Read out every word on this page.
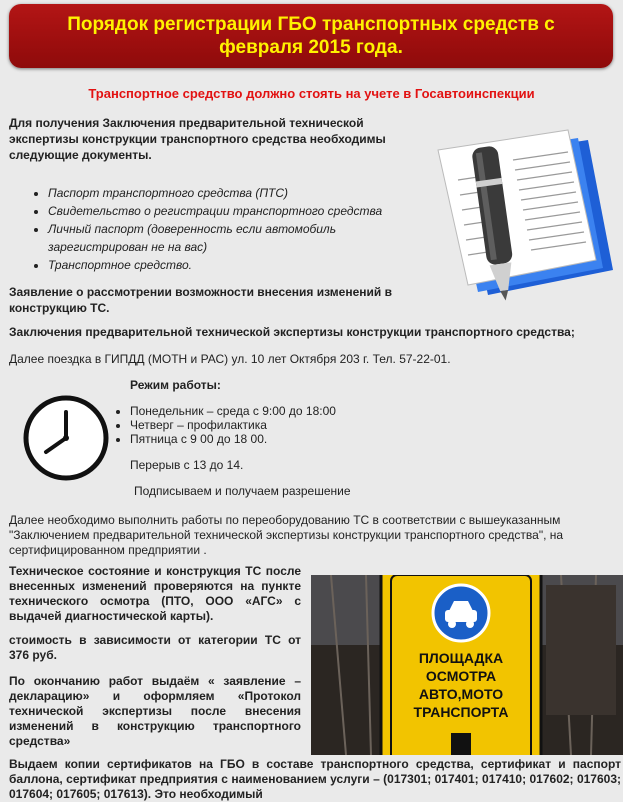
Порядок регистрации ГБО транспортных средств с
февраля 2015 года.
Транспортное средство должно стоять на учете в Госавтоинспекции

Для получения Заключения предварительной технической экспертизы конструкции транспортного средства необходимы следующие документы.

• Паспорт транспортного средства (ПТС)
• Свидетельство о регистрации транспортного средства
• Личный паспорт (доверенность если автомобиль зарегистрирован не на вас)
• Транспортное средство.

Заявление о рассмотрении возможности внесения изменений в конструкцию ТС.

Заключения предварительной технической экспертизы конструкции транспортного средства;

Далее поездка в ГИПДД (МОТН и РАС) ул. 10 лет Октября 203 г. Тел. 57-22-01.

Режим работы:

• Понедельник – среда с 9:00 до 18:00
• Четверг – профилактика
• Пятница с 9 00 до 18 00.

Перерыв с 13 до 14.

Подписываем и получаем разрешение

Далее необходимо выполнить работы по переоборудованию ТС в соответствии с вышеуказанным "Заключением предварительной технической экспертизы конструкции транспортного средства", на сертифицированном предприятии .

Техническое состояние и конструкция ТС после внесенных изменений проверяются на пункте технического осмотра (ПТО, ООО «АГС» с выдачей диагностической карты).

стоимость в зависимости от категории ТС от 376 руб.

По окончанию работ выдаём « заявление – декларацию» и оформляем «Протокол технической экспертизы после внесения изменений в конструкцию транспортного средства»

ПЛОЩАДКА
ОСМОТРА
АВТО,МОТО
ТРАНСПОРТА

Выдаем копии сертификатов на ГБО в составе транспортного средства, сертификат и паспорт баллона, сертификат предприятия с наименованием услуги – (017301; 017401; 017410; 017602; 017603; 017604; 017605; 017613). Это необходимый
